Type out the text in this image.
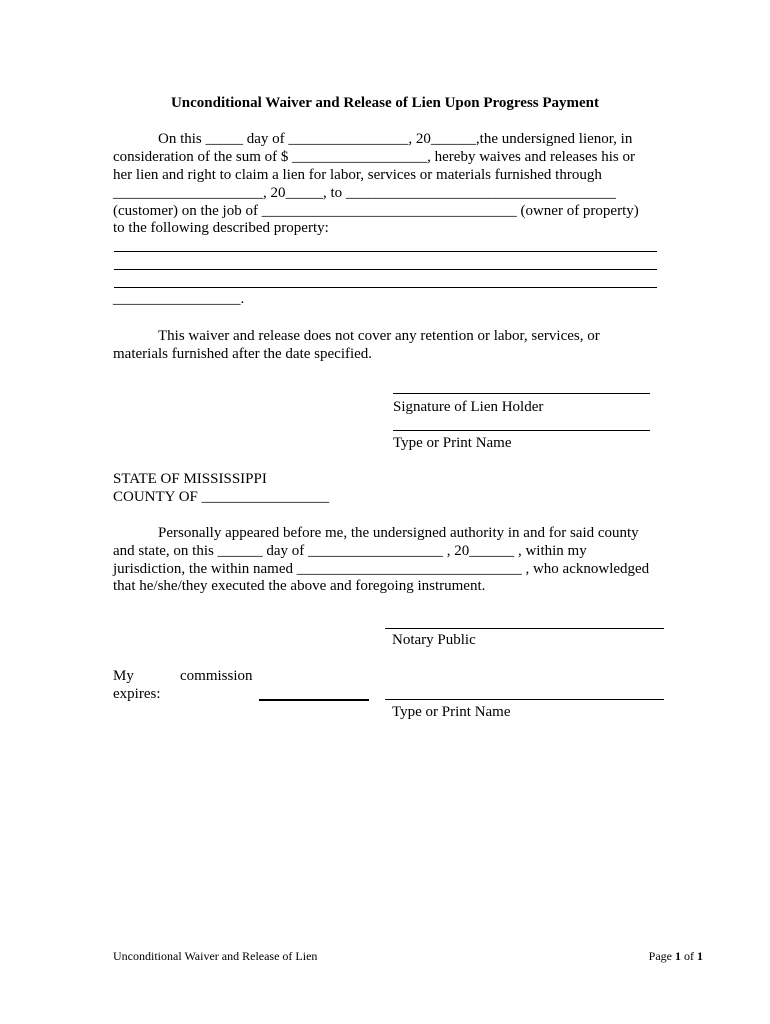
Unconditional Waiver and Release of Lien Upon Progress Payment
On this _____ day of ________________, 20______,the undersigned lienor, in
consideration of the sum of $ __________________, hereby waives and releases his or
her lien and right to claim a lien for labor, services or materials furnished through
____________________, 20_____, to ____________________________________
(customer) on the job of __________________________________ (owner of property)
to the following described property:
_________________.
This waiver and release does not cover any retention or labor, services, or
materials furnished after the date specified.
Signature of Lien Holder
Type or Print Name
STATE OF MISSISSIPPI
COUNTY OF _________________
Personally appeared before me, the undersigned authority in and for said county
and state, on this ______ day of __________________ , 20______ , within my
jurisdiction, the within named ______________________________ , who acknowledged
that he/she/they executed the above and foregoing instrument.
Notary Public
My	commission
expires:
Type or Print Name
Unconditional Waiver and Release of Lien	Page 1 of 1
